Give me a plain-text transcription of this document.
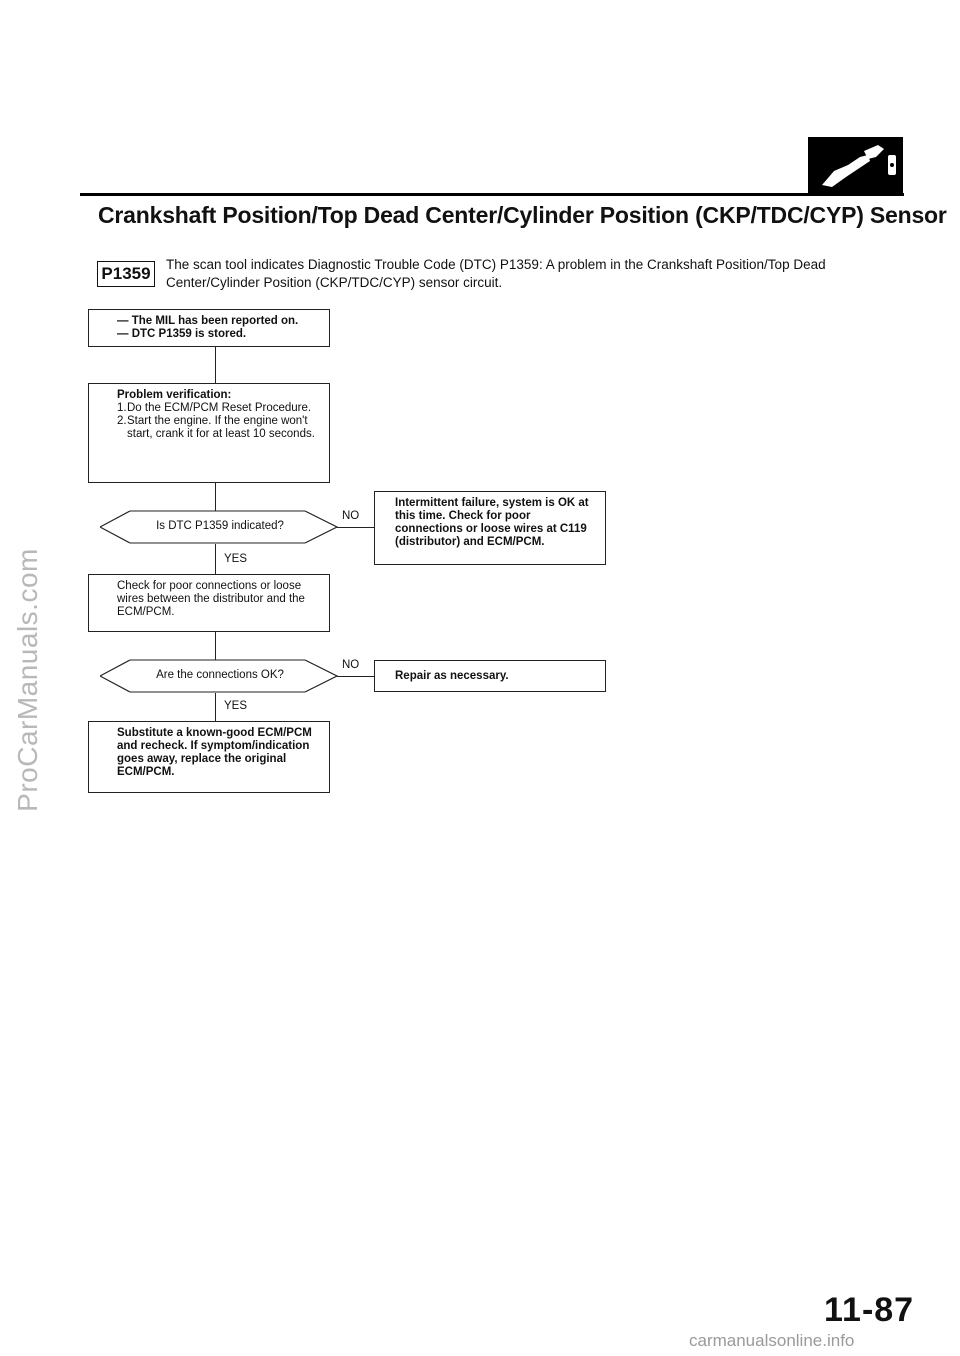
ProCarManuals.com
Crankshaft Position/Top Dead Center/Cylinder Position (CKP/TDC/CYP) Sensor
P1359	The scan tool indicates Diagnostic Trouble Code (DTC) P1359: A problem in the Crankshaft Position/Top Dead Center/Cylinder Position (CKP/TDC/CYP) sensor circuit.
— The MIL has been reported on.
— DTC P1359 is stored.
Problem verification:
1. Do the ECM/PCM Reset Procedure.
2. Start the engine. If the engine won't start, crank it for at least 10 seconds.
Is DTC P1359 indicated?
NO
Intermittent failure, system is OK at this time. Check for poor connections or loose wires at C119 (distributor) and ECM/PCM.
YES
Check for poor connections or loose wires between the distributor and the ECM/PCM.
Are the connections OK?
NO
Repair as necessary.
YES
Substitute a known-good ECM/PCM and recheck. If symptom/indication goes away, replace the original ECM/PCM.
11-87
carmanualsonline.info
